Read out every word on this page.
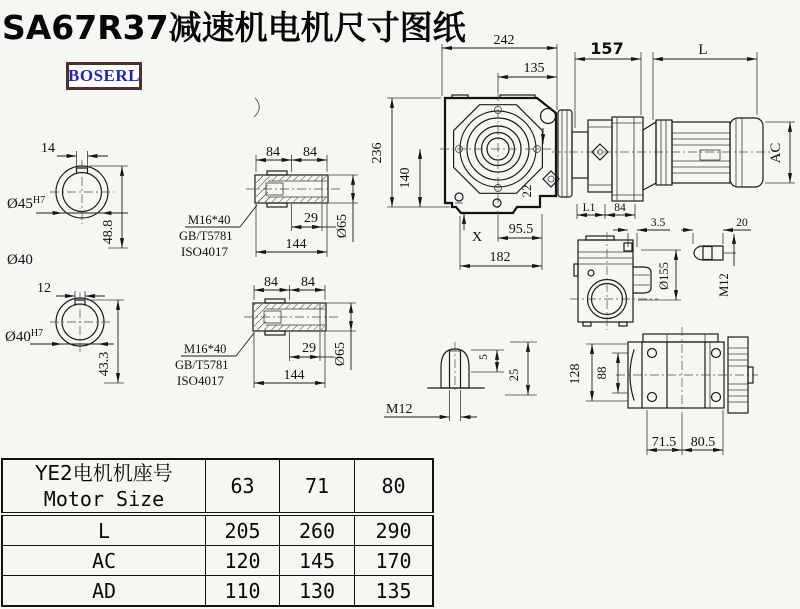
SA67R37减速机电机尺寸图纸
BOSERL
14
$Ø45^{H7}$
48.8
Ø40
12
$Ø40^{H7}$
43.3
84 84
29
144
Ø65
M16*40
GB/T5781
ISO4017
84 84
29
144
Ø65
M16*40
GB/T5781
ISO4017
242
135
236
140
22
95.5
182
X
157	L
AC
L1 84
3.5
Ø155
20
M12
5
25
M12
128 88
71.5 80.5
YE2电机机座号
Motor Size	63	71	80
L	205	260	290
AC	120	145	170
AD	110	130	135
